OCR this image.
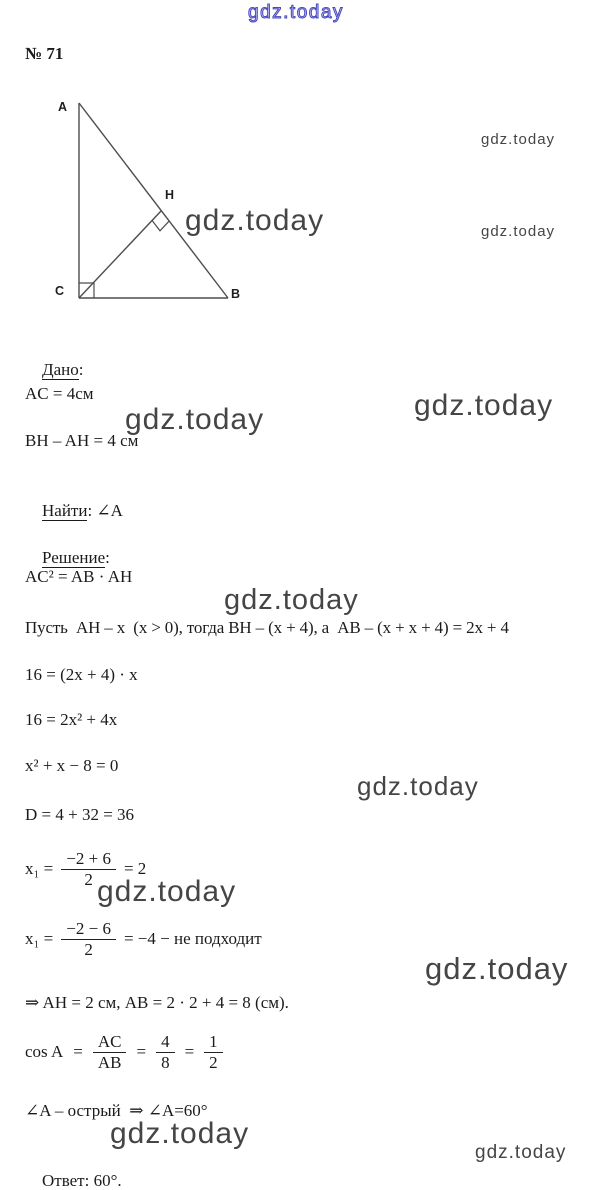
gdz.today
gdz.today
gdz.today
gdz.today
gdz.today	gdz.today
gdz.today
gdz.today
gdz.today
gdz.today
gdz.today
gdz.today
№ 71
A
H
C	B

Дано:

AC = 4см
BH – AH = 4 см

Найти: ∠A

Решение:

AC² = AB · AH
Пусть  AH – x  (x > 0), тогда BH – (x + 4), а  AB – (x + x + 4) = 2x + 4
16 = (2x + 4) · x
16 = 2x² + 4x
x² + x − 8 = 0
D = 4 + 32 = 36
$x_1 = \frac{-2 + 6}{2} = 2$
$x_1 = \frac{-2 - 6}{2} = -4$ − не подходит
⇒ AH = 2 см, AB = 2 · 2 + 4 = 8 (см).
$\cos A = \frac{AC}{AB} = \frac{4}{8} = \frac{1}{2}$
∠A – острый  ⇒ ∠A=60°

Ответ: 60°.
